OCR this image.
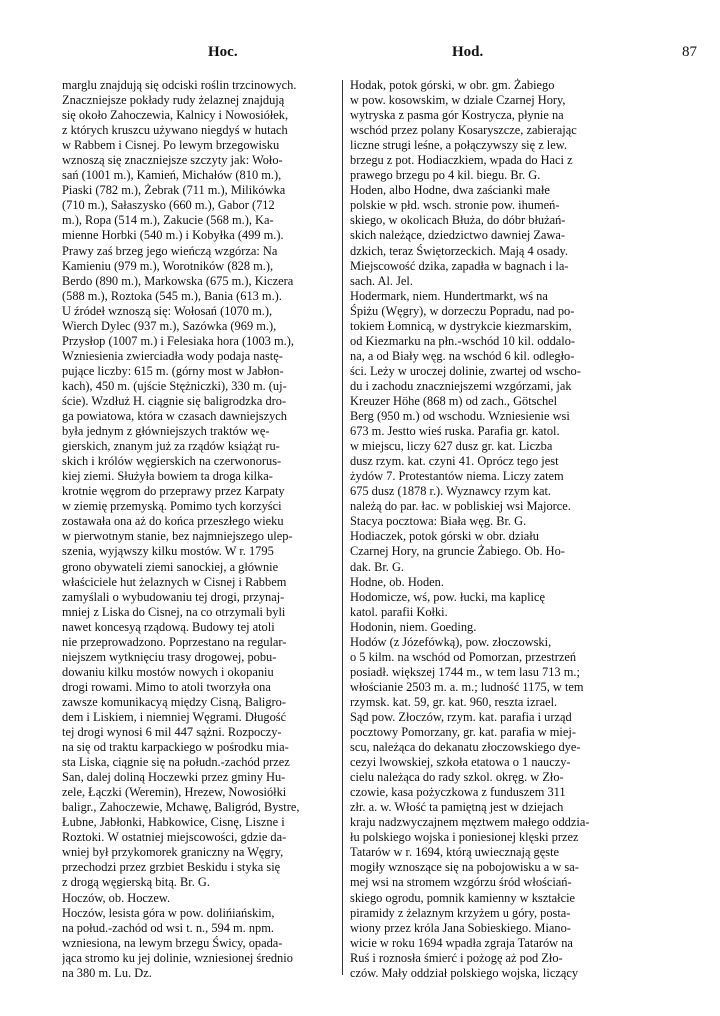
Hoc.	Hod.	87
marglu znajdują się odciski roślin trzcinowych.
Znaczniejsze pokłady rudy żelaznej znajdują
się około Zahoczewia, Kalnicy i Nowosiółek,
z których kruszcu używano niegdyś w hutach
w Rabbem i Cisnej. Po lewym brzegowisku
wznoszą się znaczniejsze szczyty jak: Woło-
sań (1001 m.), Kamień, Michałów (810 m.),
Piaski (782 m.), Żebrak (711 m.), Milikówka
(710 m.), Sałaszysko (660 m.), Gabor (712
m.), Ropa (514 m.), Zakucie (568 m.), Ka-
mienne Horbki (540 m.) i Kobyłka (499 m.).
Prawy zaś brzeg jego wieńczą wzgórza: Na
Kamieniu (979 m.), Worotników (828 m.),
Berdo (890 m.), Markowska (675 m.), Kiczera
(588 m.), Roztoka (545 m.), Bania (613 m.).
U źródeł wznoszą się: Wołosań (1070 m.),
Wierch Dylec (937 m.), Sazówka (969 m.),
Przysłop (1007 m.) i Felesiaka hora (1003 m.),
Wzniesienia zwierciadła wody podaja nastę-
pujące liczby: 615 m. (górny most w Jabłon-
kach), 450 m. (ujście Stężniczki), 330 m. (uj-
ście). Wzdłuż H. ciągnie się baligrodzka dro-
ga powiatowa, która w czasach dawniejszych
była jednym z główniejszych traktów wę-
gierskich, znanym już za rządów książąt ru-
skich i królów węgierskich na czerwonorus-
kiej ziemi. Służyła bowiem ta droga kilka-
krotnie węgrom do przeprawy przez Karpaty
w ziemię przemyską. Pomimo tych korzyści
zostawała ona aż do końca przeszłego wieku
w pierwotnym stanie, bez najmniejszego ulep-
szenia, wyjąwszy kilku mostów. W r. 1795
grono obywateli ziemi sanockiej, a głównie
właściciele hut żelaznych w Cisnej i Rabbem
zamyślali o wybudowaniu tej drogi, przynaj-
mniej z Liska do Cisnej, na co otrzymali byli
nawet koncesyą rządową. Budowy tej atoli
nie przeprowadzono. Poprzestano na regular-
niejszem wytknięciu trasy drogowej, pobu-
dowaniu kilku mostów nowych i okopaniu
drogi rowami. Mimo to atoli tworzyła ona
zawsze komunikacyą między Cisną, Baligro-
dem i Liskiem, i niemniej Węgrami. Długość
tej drogi wynosi 6 mil 447 sążni. Rozpoczy-
na się od traktu karpackiego w pośrodku mia-
sta Liska, ciągnie się na połudn.-zachód przez
San, dalej doliną Hoczewki przez gminy Hu-
zele, Łączki (Weremin), Hrezew, Nowosiółki
baligr., Zahoczewie, Mchawę, Baligród, Bystre,
Łubne, Jabłonki, Habkowice, Cisnę, Liszne i
Roztoki. W ostatniej miejscowości, gdzie da-
wniej był przykomorek graniczny na Węgry,
przechodzi przez grzbiet Beskidu i styka się
z drogą węgierską bitą. Br. G.
Hoczów, ob. Hoczew.
Hoczów, lesista góra w pow. dolińiańskim,
na połud.-zachód od wsi t. n., 594 m. npm.
wzniesiona, na lewym brzegu Świcy, opada-
jąca stromo ku jej dolinie, wzniesionej średnio
na 380 m. Lu. Dz.
Hodak, potok górski, w obr. gm. Żabiego
w pow. kosowskim, w dziale Czarnej Hory,
wytryska z pasma gór Kostrycza, płynie na
wschód przez polany Kosaryszcze, zabierając
liczne strugi leśne, a połączywszy się z lew.
brzegu z pot. Hodiaczkiem, wpada do Haci z
prawego brzegu po 4 kil. biegu. Br. G.
Hoden, albo Hodne, dwa zaścianki małe
polskie w płd. wsch. stronie pow. ihumeń-
skiego, w okolicach Błuża, do dóbr błużań-
skich należące, dziedzictwo dawniej Zawa-
dzkich, teraz Świętorzeckich. Mają 4 osady.
Miejscowość dzika, zapadła w bagnach i la-
sach. Al. Jel.
Hodermark, niem. Hundertmarkt, wś na
Śpiżu (Węgry), w dorzeczu Popradu, nad po-
tokiem Łomnicą, w dystrykcie kiezmarskim,
od Kiezmarku na płn.-wschód 10 kil. oddalo-
na, a od Biały węg. na wschód 6 kil. odległo-
ści. Leży w uroczej dolinie, zwartej od wscho-
du i zachodu znaczniejszemi wzgórzami, jak
Kreuzer Höhe (868 m) od zach., Götschel
Berg (950 m.) od wschodu. Wzniesienie wsi
673 m. Jestto wieś ruska. Parafia gr. katol.
w miejscu, liczy 627 dusz gr. kat. Liczba
dusz rzym. kat. czyni 41. Oprócz tego jest
żydów 7. Protestantów niema. Liczy zatem
675 dusz (1878 r.). Wyznawcy rzym kat.
należą do par. łac. w pobliskiej wsi Majorce.
Stacya pocztowa: Biała węg. Br. G.
Hodiaczek, potok górski w obr. działu
Czarnej Hory, na gruncie Żabiego. Ob. Ho-
dak. Br. G.
Hodne, ob. Hoden.
Hodomicze, wś, pow. łucki, ma kaplicę
katol. parafii Kołki.
Hodonin, niem. Goeding.
Hodów (z Józefówką), pow. złoczowski,
o 5 kilm. na wschód od Pomorzan, przestrzeń
posiadł. większej 1744 m., w tem lasu 713 m.;
włościanie 2503 m. a. m.; ludność 1175, w tem
rzymsk. kat. 59, gr. kat. 960, reszta izrael.
Sąd pow. Złoczów, rzym. kat. parafia i urząd
pocztowy Pomorzany, gr. kat. parafia w miej-
scu, należąca do dekanatu złoczowskiego dye-
cezyi lwowskiej, szkoła etatowa o 1 nauczy-
cielu należąca do rady szkol. okręg. w Zło-
czowie, kasa pożyczkowa z funduszem 311
złr. a. w. Włość ta pamiętną jest w dziejach
kraju nadzwyczajnem męztwem małego oddzia-
łu polskiego wojska i poniesionej klęski przez
Tatarów w r. 1694, którą uwiecznają gęste
mogiły wznoszące się na pobojowisku a w sa-
mej wsi na stromem wzgórzu śród włościań-
skiego ogrodu, pomnik kamienny w kształcie
piramidy z żelaznym krzyżem u góry, posta-
wiony przez króla Jana Sobieskiego. Miano-
wicie w roku 1694 wpadła zgraja Tatarów na
Ruś i roznosła śmierć i pożogę aż pod Zło-
czów. Mały oddział polskiego wojska, liczący
